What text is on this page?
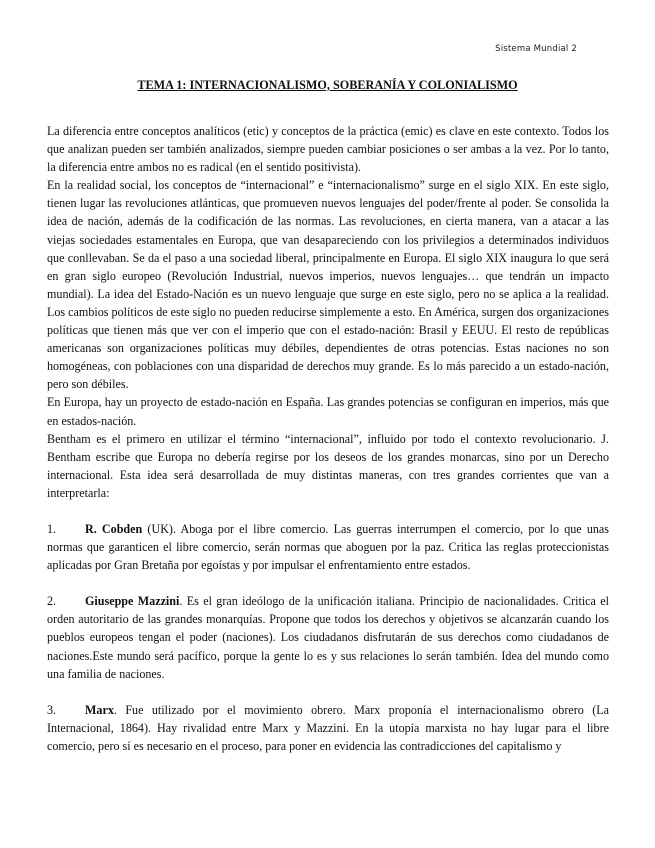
Sistema Mundial 2
TEMA 1: INTERNACIONALISMO, SOBERANÍA Y COLONIALISMO

La diferencia entre conceptos analíticos (etic) y conceptos de la práctica (emic) es clave en este contexto. Todos los que analizan pueden ser también analizados, siempre pueden cambiar posiciones o ser ambas a la vez. Por lo tanto, la diferencia entre ambos no es radical (en el sentido positivista).

En la realidad social, los conceptos de “internacional” e “internacionalismo” surge en el siglo XIX. En este siglo, tienen lugar las revoluciones atlánticas, que promueven nuevos lenguajes del poder/frente al poder. Se consolida la idea de nación, además de la codificación de las normas. Las revoluciones, en cierta manera, van a atacar a las viejas sociedades estamentales en Europa, que van desapareciendo con los privilegios a determinados individuos que conllevaban. Se da el paso a una sociedad liberal, principalmente en Europa. El siglo XIX inaugura lo que será en gran siglo europeo (Revolución Industrial, nuevos imperios, nuevos lenguajes… que tendrán un impacto mundial). La idea del Estado-Nación es un nuevo lenguaje que surge en este siglo, pero no se aplica a la realidad. Los cambios políticos de este siglo no pueden reducirse simplemente a esto. En América, surgen dos organizaciones políticas que tienen más que ver con el imperio que con el estado-nación: Brasil y EEUU. El resto de repúblicas americanas son organizaciones políticas muy débiles, dependientes de otras potencias. Estas naciones no son homogéneas, con poblaciones con una disparidad de derechos muy grande. Es lo más parecido a un estado-nación, pero son débiles.

En Europa, hay un proyecto de estado-nación en España. Las grandes potencias se configuran en imperios, más que en estados-nación.

Bentham es el primero en utilizar el término “internacional”, influido por todo el contexto revolucionario. J. Bentham escribe que Europa no debería regirse por los deseos de los grandes monarcas, sino por un Derecho internacional. Esta idea será desarrollada de muy distintas maneras, con tres grandes corrientes que van a interpretarla:

1. R. Cobden (UK). Aboga por el libre comercio. Las guerras interrumpen el comercio, por lo que unas normas que garanticen el libre comercio, serán normas que aboguen por la paz. Critica las reglas proteccionistas aplicadas por Gran Bretaña por egoístas y por impulsar el enfrentamiento entre estados.

2. Giuseppe Mazzini. Es el gran ideólogo de la unificación italiana. Principio de nacionalidades. Critica el orden autoritario de las grandes monarquías. Propone que todos los derechos y objetivos se alcanzarán cuando los pueblos europeos tengan el poder (naciones). Los ciudadanos disfrutarán de sus derechos como ciudadanos de naciones.Este mundo será pacífico, porque la gente lo es y sus relaciones lo serán también. Idea del mundo como una familia de naciones.

3. Marx. Fue utilizado por el movimiento obrero. Marx proponía el internacionalismo obrero (La Internacional, 1864). Hay rivalidad entre Marx y Mazzini. En la utopía marxista no hay lugar para el libre comercio, pero sí es necesario en el proceso, para poner en evidencia las contradicciones del capitalismo y
